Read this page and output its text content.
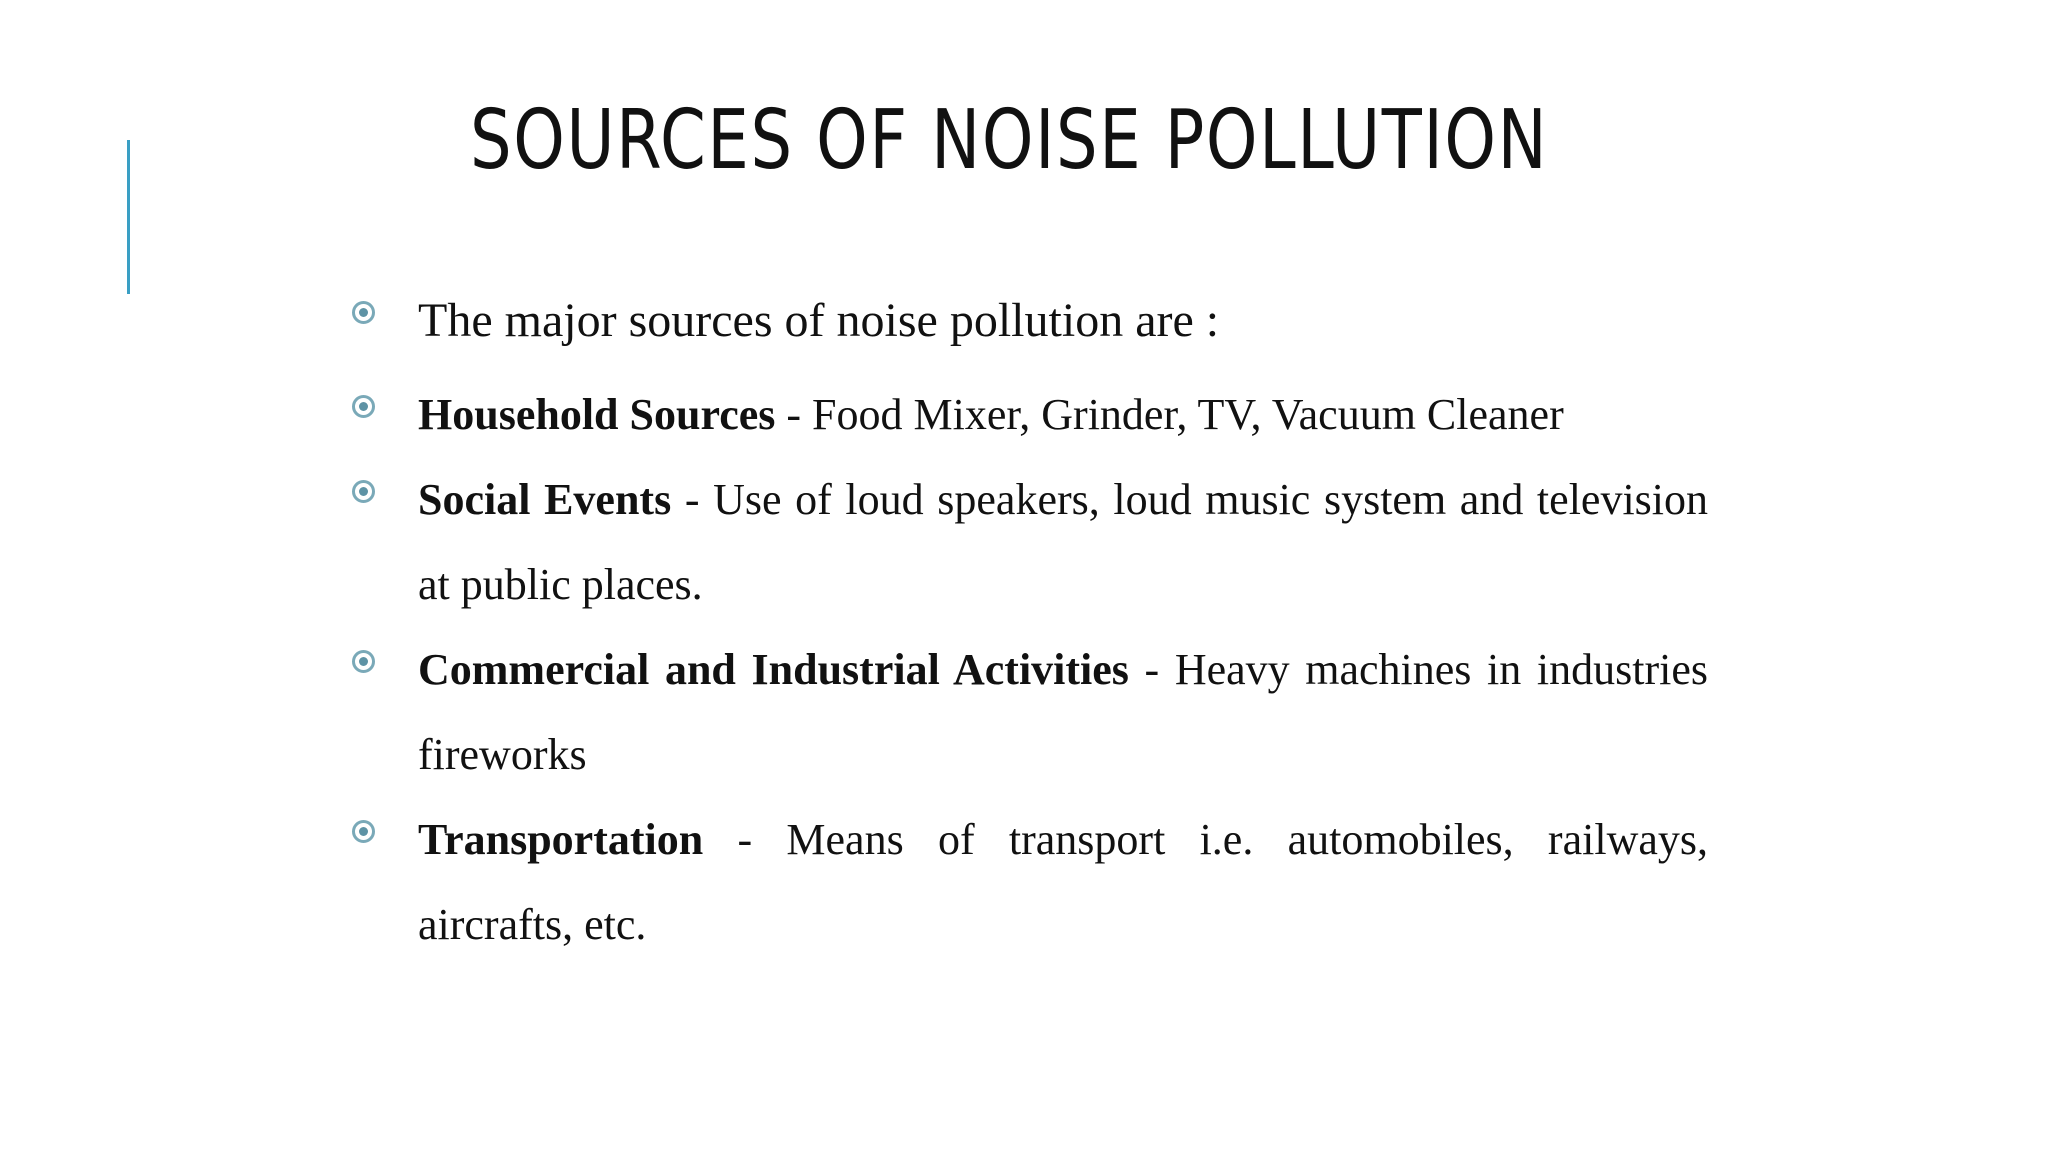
SOURCES OF NOISE POLLUTION
The major sources of noise pollution are :
Household Sources - Food Mixer, Grinder, TV, Vacuum Cleaner
Social Events - Use of loud speakers, loud music system and television at public places.
Commercial and Industrial Activities - Heavy machines in industries fireworks
Transportation - Means of transport i.e. automobiles, railways, aircrafts, etc.
